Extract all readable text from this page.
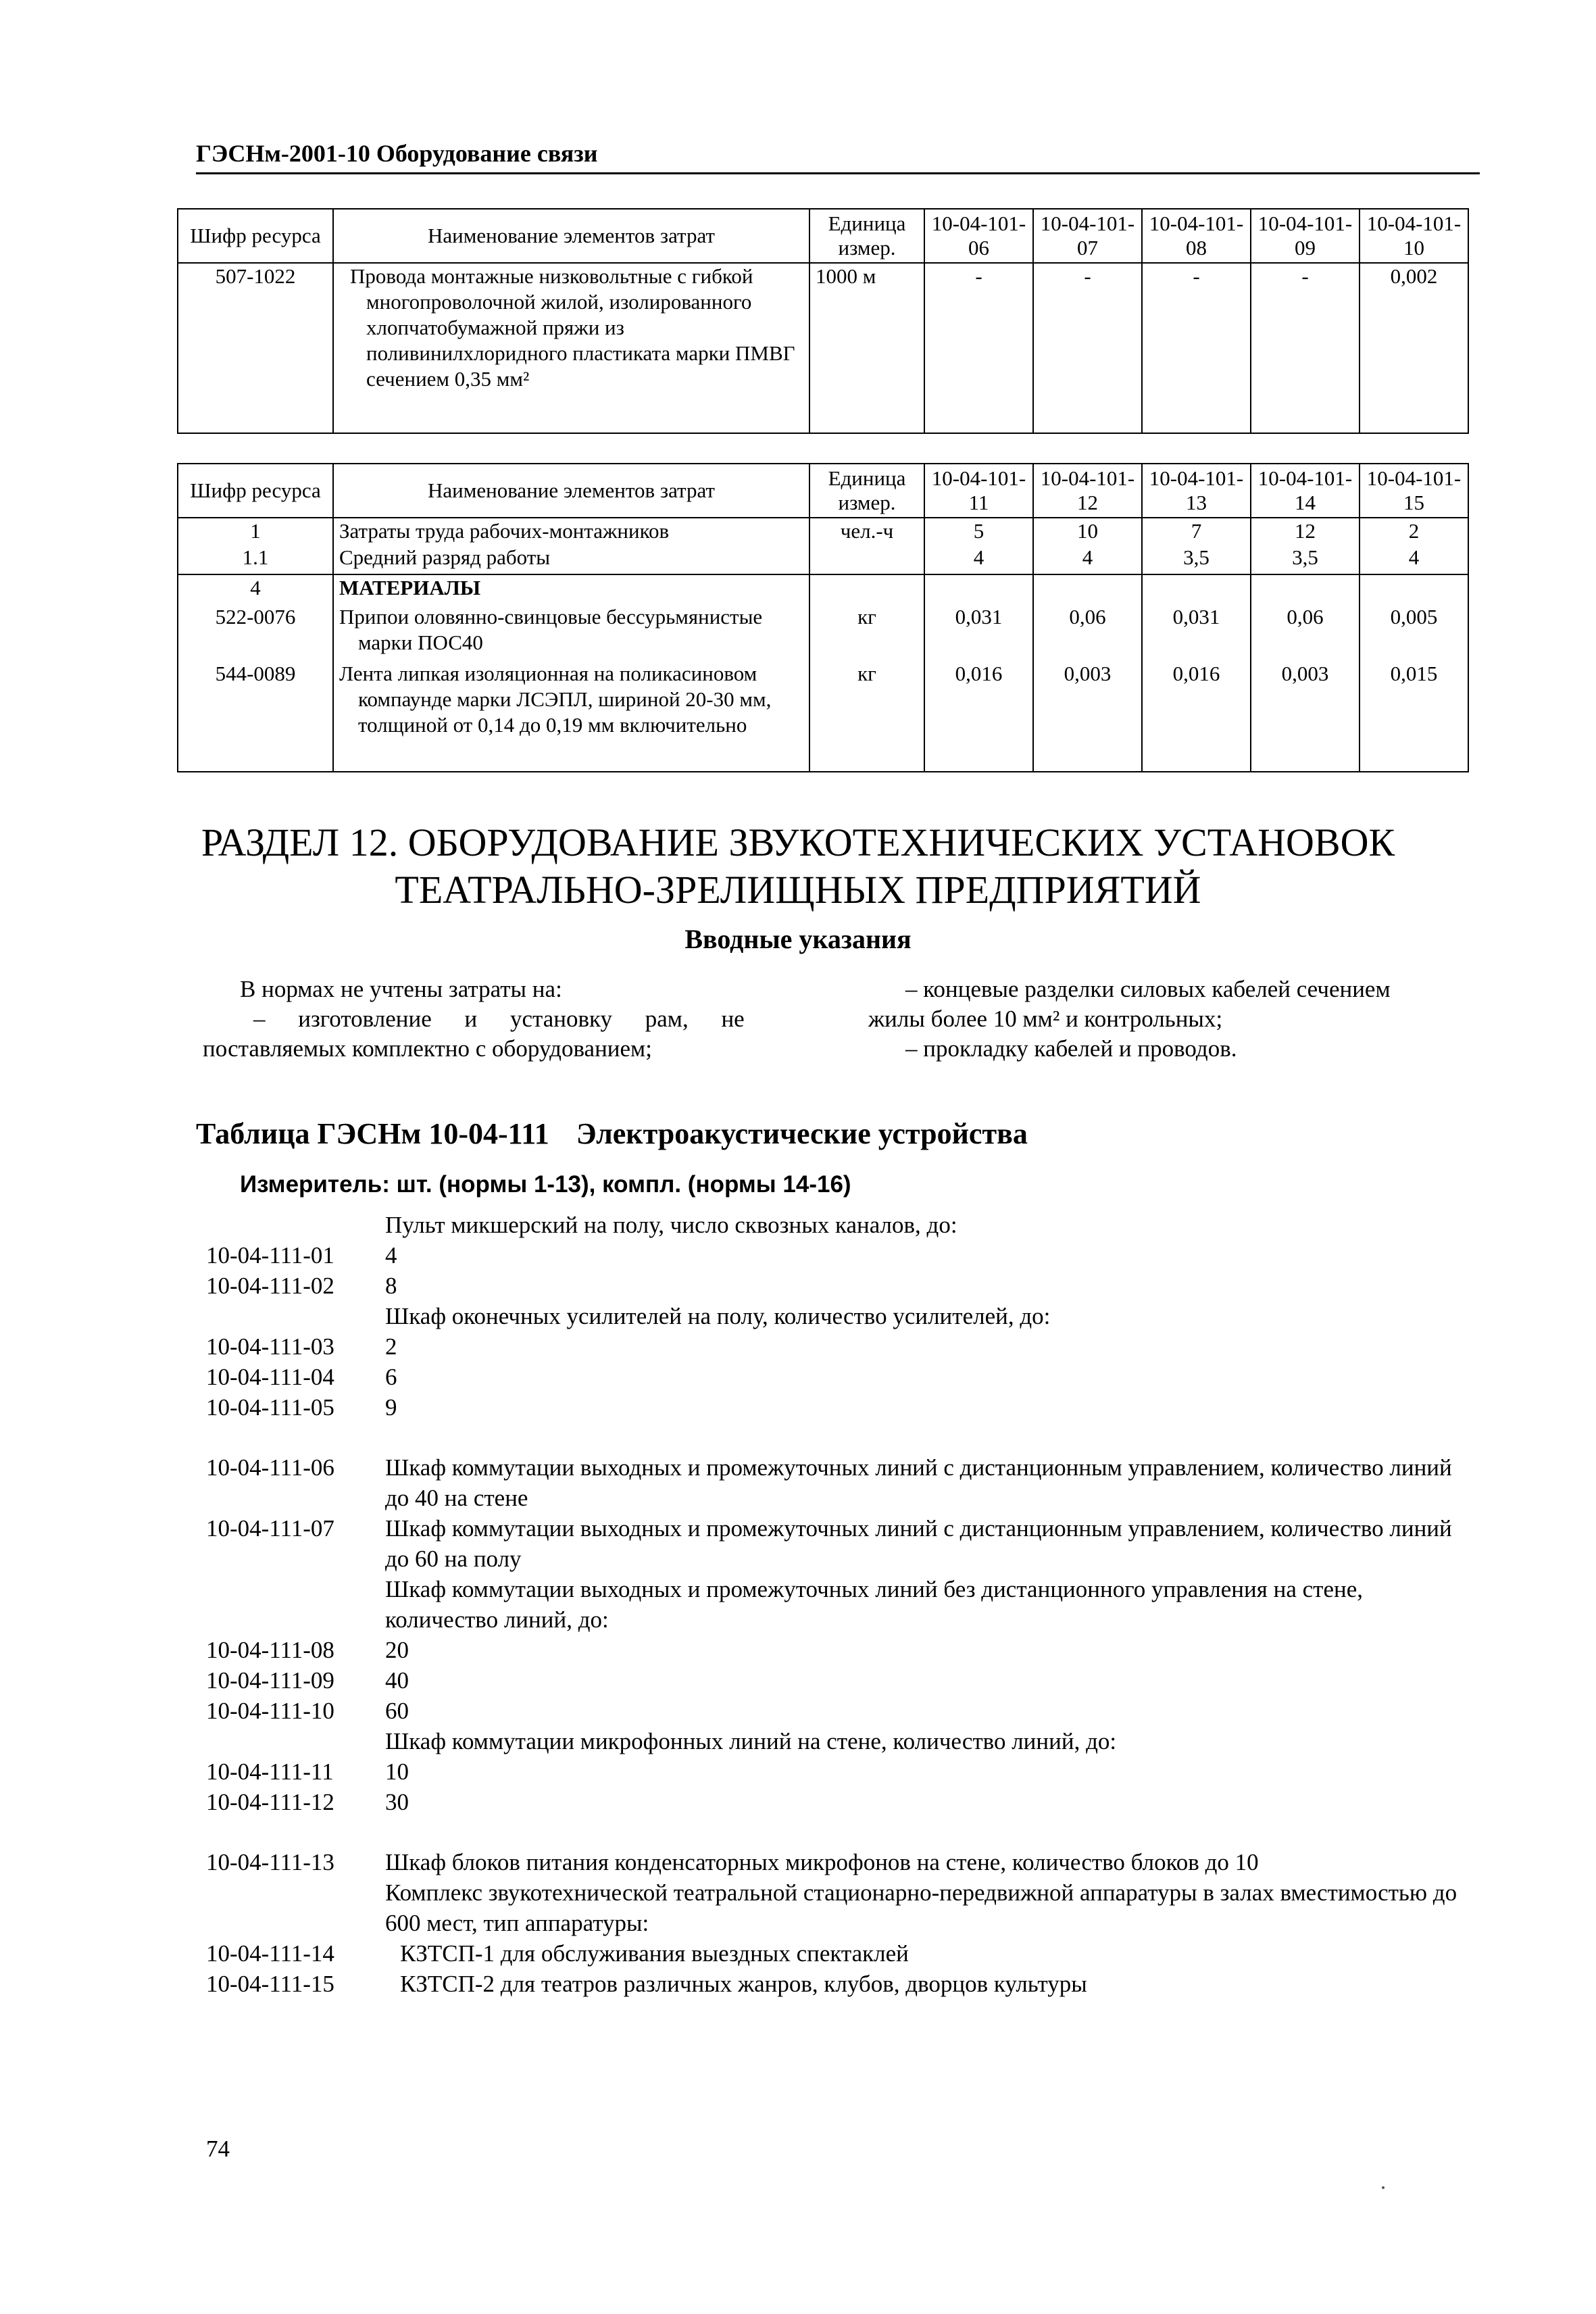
ГЭСНм-2001-10 Оборудование связи
Шифр ресурса	Наименование элементов затрат	Единица измер.	10-04-101-06	10-04-101-07	10-04-101-08	10-04-101-09	10-04-101-10
507-1022	Провода монтажные низковольтные с гибкой многопроволочной жилой, изолированного хлопчатобумажной пряжи из поливинилхлоридного пластиката марки ПМВГ сечением 0,35 мм²	1000 м	-	-	-	-	0,002
Шифр ресурса	Наименование элементов затрат	Единица измер.	10-04-101-11	10-04-101-12	10-04-101-13	10-04-101-14	10-04-101-15
1	Затраты труда рабочих-монтажников	чел.-ч	5	10	7	12	2
1.1	Средний разряд работы		4	4	3,5	3,5	4
4	МАТЕРИАЛЫ						
522-0076	Припои оловянно-свинцовые бессурьмянистые марки ПОС40	кг	0,031	0,06	0,031	0,06	0,005
544-0089	Лента липкая изоляционная на поликасиновом компаунде марки ЛСЭПЛ, шириной 20-30 мм, толщиной от 0,14 до 0,19 мм включительно	кг	0,016	0,003	0,016	0,003	0,015
РАЗДЕЛ 12. ОБОРУДОВАНИЕ ЗВУКОТЕХНИЧЕСКИХ УСТАНОВОК
ТЕАТРАЛЬНО-ЗРЕЛИЩНЫХ ПРЕДПРИЯТИЙ
Вводные указания
В нормах не учтены затраты на:
– изготовление и установку рам, не
поставляемых комплектно с оборудованием;
– концевые разделки силовых кабелей сечением
жилы более 10 мм² и контрольных;
– прокладку кабелей и проводов.
Таблица ГЭСНм 10-04-111 Электроакустические устройства
Измеритель: шт. (нормы 1-13), компл. (нормы 14-16)
Пульт микшерский на полу, число сквозных каналов, до:
10-04-111-01	4
10-04-111-02	8
Шкаф оконечных усилителей на полу, количество усилителей, до:
10-04-111-03	2
10-04-111-04	6
10-04-111-05	9
10-04-111-06	Шкаф коммутации выходных и промежуточных линий с дистанционным управлением, количество линий до 40 на стене
10-04-111-07	Шкаф коммутации выходных и промежуточных линий с дистанционным управлением, количество линий до 60 на полу
Шкаф коммутации выходных и промежуточных линий без дистанционного управления на стене, количество линий, до:
10-04-111-08	20
10-04-111-09	40
10-04-111-10	60
Шкаф коммутации микрофонных линий на стене, количество линий, до:
10-04-111-11	10
10-04-111-12	30
10-04-111-13	Шкаф блоков питания конденсаторных микрофонов на стене, количество блоков до 10
Комплекс звукотехнической театральной стационарно-передвижной аппаратуры в залах вместимостью до 600 мест, тип аппаратуры:
10-04-111-14	КЗТСП-1 для обслуживания выездных спектаклей
10-04-111-15	КЗТСП-2 для театров различных жанров, клубов, дворцов культуры
74
